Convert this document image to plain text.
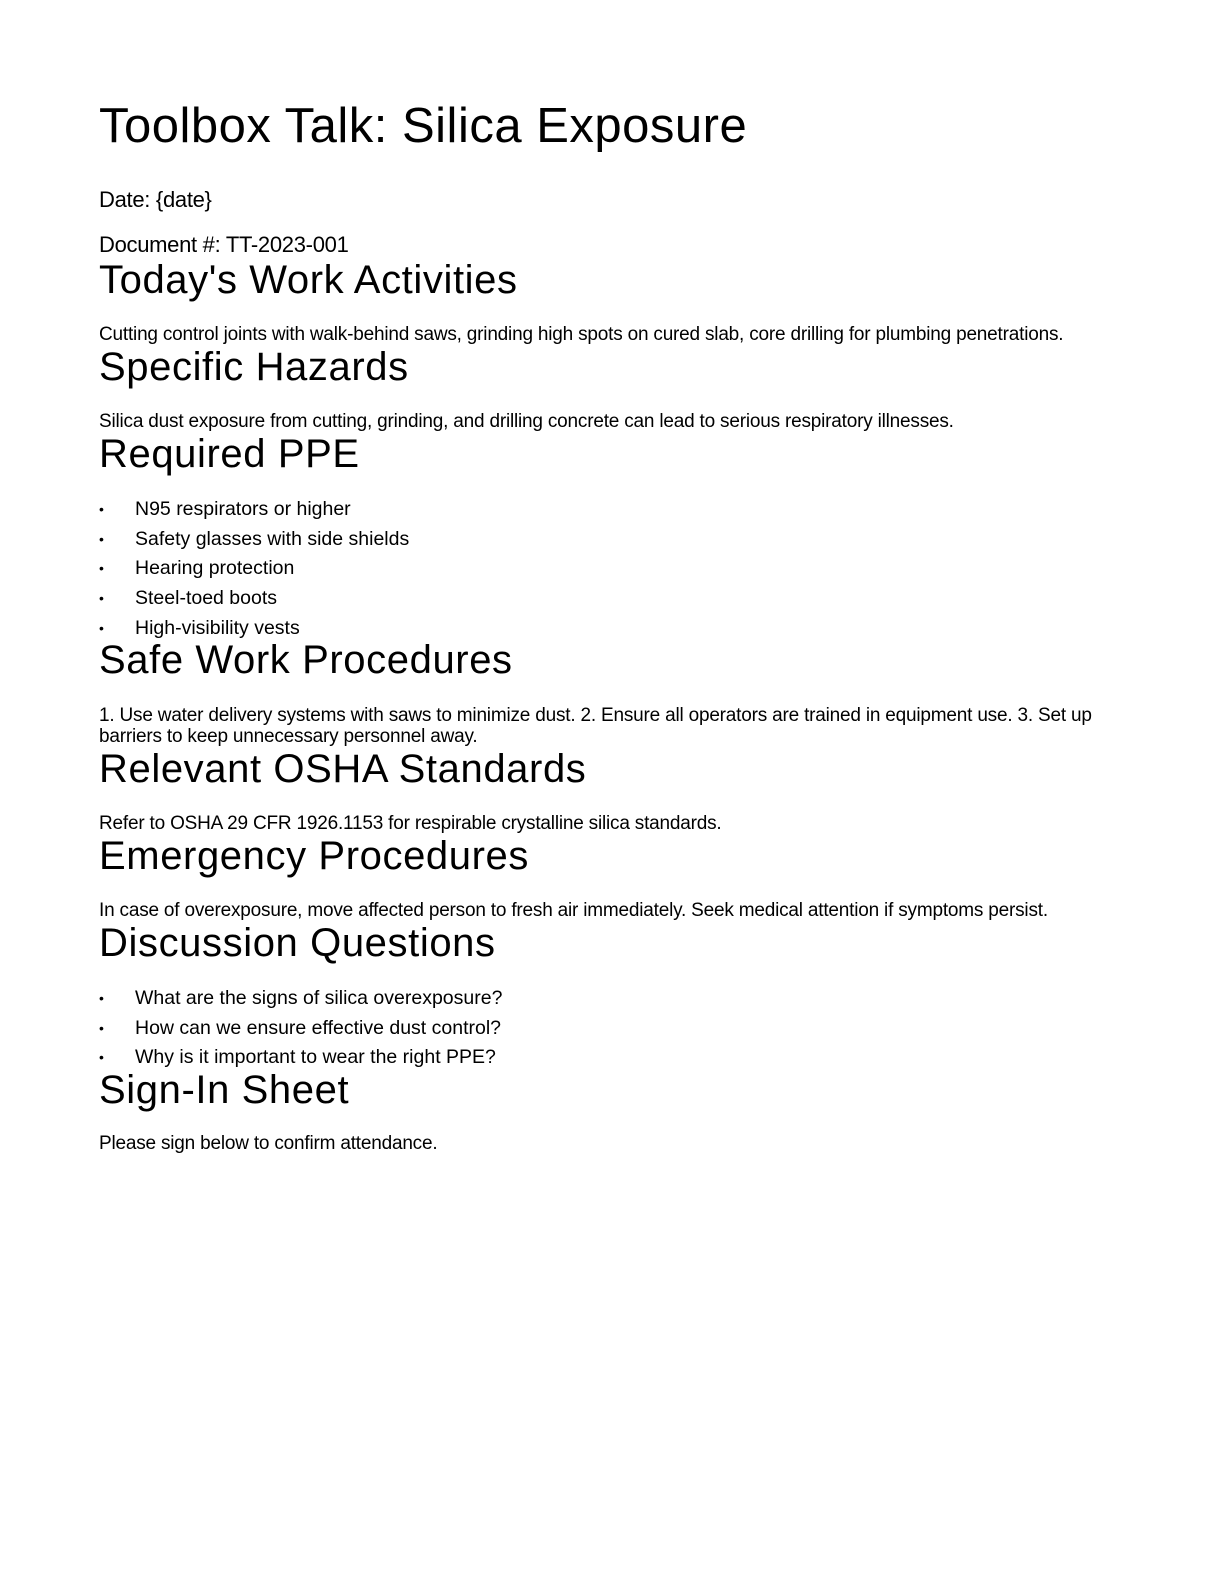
Toolbox Talk: Silica Exposure

Date: {date}

Document #: TT-2023-001

Today's Work Activities

Cutting control joints with walk-behind saws, grinding high spots on cured slab, core drilling for plumbing penetrations.

Specific Hazards

Silica dust exposure from cutting, grinding, and drilling concrete can lead to serious respiratory illnesses.

Required PPE
• N95 respirators or higher
• Safety glasses with side shields
• Hearing protection
• Steel-toed boots
• High-visibility vests
Safe Work Procedures

1. Use water delivery systems with saws to minimize dust. 2. Ensure all operators are trained in equipment use. 3. Set up barriers to keep unnecessary personnel away.

Relevant OSHA Standards

Refer to OSHA 29 CFR 1926.1153 for respirable crystalline silica standards.

Emergency Procedures

In case of overexposure, move affected person to fresh air immediately. Seek medical attention if symptoms persist.

Discussion Questions
• What are the signs of silica overexposure?
• How can we ensure effective dust control?
• Why is it important to wear the right PPE?
Sign-In Sheet

Please sign below to confirm attendance.
